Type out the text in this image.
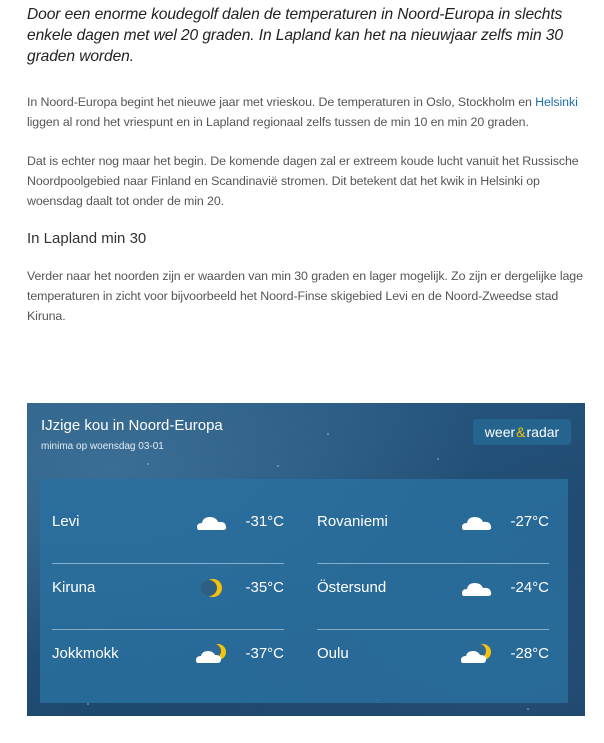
Door een enorme koudegolf dalen de temperaturen in Noord-Europa in slechts enkele dagen met wel 20 graden. In Lapland kan het na nieuwjaar zelfs min 30 graden worden.

In Noord-Europa begint het nieuwe jaar met vrieskou. De temperaturen in Oslo, Stockholm en Helsinki liggen al rond het vriespunt en in Lapland regionaal zelfs tussen de min 10 en min 20 graden.

Dat is echter nog maar het begin. De komende dagen zal er extreem koude lucht vanuit het Russische Noordpoolgebied naar Finland en Scandinavië stromen. Dit betekent dat het kwik in Helsinki op woensdag daalt tot onder de min 20.

In Lapland min 30

Verder naar het noorden zijn er waarden van min 30 graden en lager mogelijk. Zo zijn er dergelijke lage temperaturen in zicht voor bijvoorbeeld het Noord-Finse skigebied Levi en de Noord-Zweedse stad Kiruna.

IJzige kou in Noord-Europa
minima op woensdag 03-01
weer & radar
Levi	-31°C Rovaniemi	-27°C
Kiruna	-35°C Östersund	-24°C
Jokkmokk	-37°C Oulu	-28°C
